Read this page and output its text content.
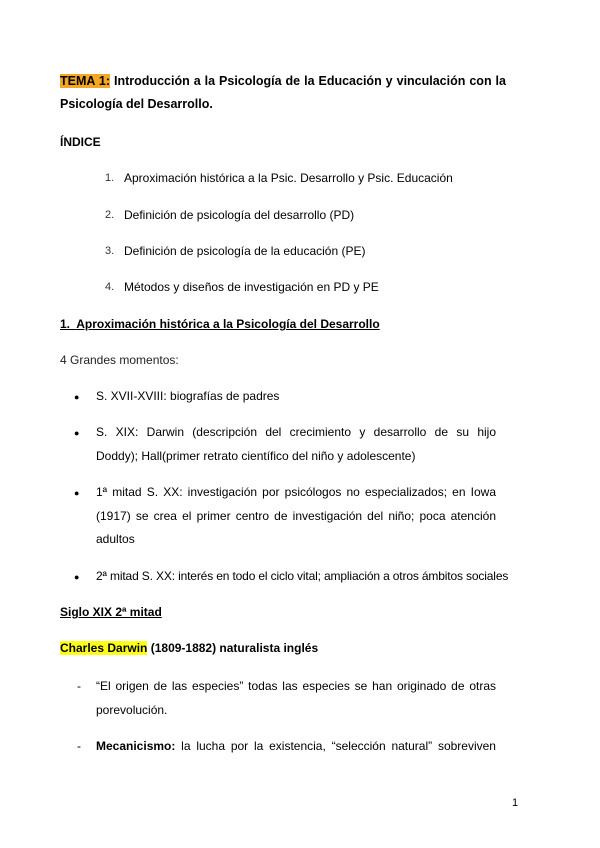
TEMA 1: Introducción a la Psicología de la Educación y vinculación con la
Psicología del Desarrollo.
ÍNDICE
1. Aproximación histórica a la Psic. Desarrollo y Psic. Educación
2. Definición de psicología del desarrollo (PD)
3. Definición de psicología de la educación (PE)
4. Métodos y diseños de investigación en PD y PE
1. Aproximación histórica a la Psicología del Desarrollo
4 Grandes momentos:
● S. XVII-XVIII: biografías de padres
● S. XIX: Darwin (descripción del crecimiento y desarrollo de su hijo
Doddy); Hall(primer retrato científico del niño y adolescente)
● 1ª mitad S. XX: investigación por psicólogos no especializados; en Iowa
(1917) se crea el primer centro de investigación del niño; poca atención
adultos
● 2ª mitad S. XX: interés en todo el ciclo vital; ampliación a otros ámbitos sociales
Siglo XIX 2ª mitad
Charles Darwin (1809-1882) naturalista inglés
- “El origen de las especies” todas las especies se han originado de otras
porevolución.
- Mecanicismo: la lucha por la existencia, “selección natural” sobreviven
1
